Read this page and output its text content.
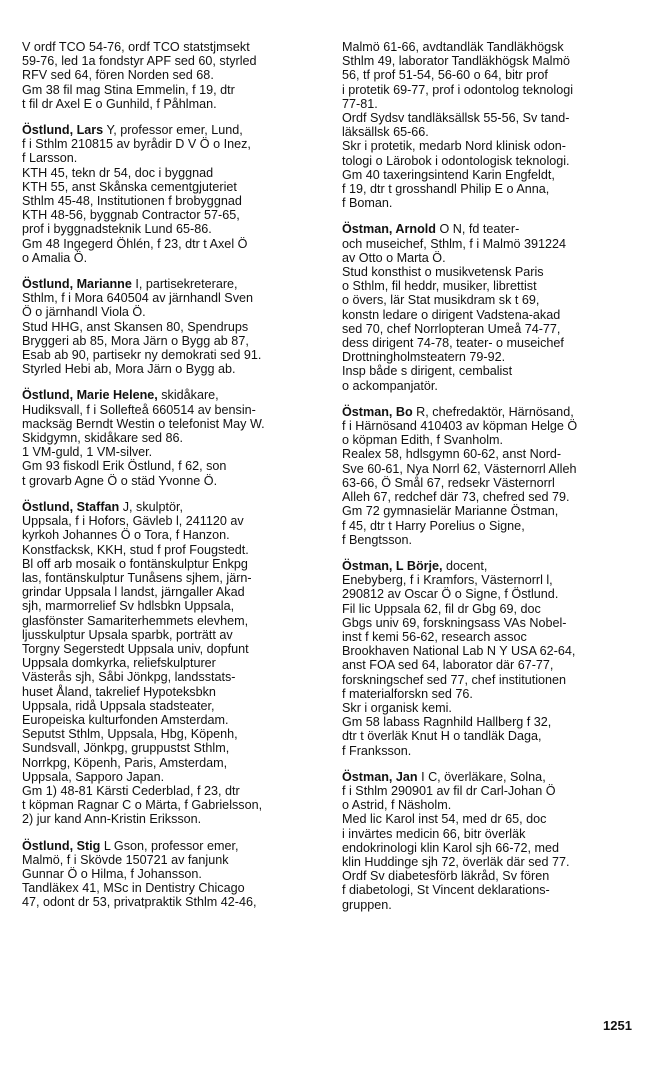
V ordf TCO 54-76, ordf TCO statstjmsekt

59-76, led 1a fondstyr APF sed 60, styrled

RFV sed 64, fören Norden sed 68.

Gm 38 fil mag Stina Emmelin, f 19, dtr

t fil dr Axel E o Gunhild, f Påhlman.

Östlund, Lars Y, professor emer, Lund,

f i Sthlm 210815 av byrådir D V Ö o Inez,

f Larsson.

KTH 45, tekn dr 54, doc i byggnad

KTH 55, anst Skånska cementgjuteriet

Sthlm 45-48, Institutionen f brobyggnad

KTH 48-56, byggnab Contractor 57-65,

prof i byggnadsteknik Lund 65-86.

Gm 48 Ingegerd Öhlén, f 23, dtr t Axel Ö

o Amalia Ö.

Östlund, Marianne I, partisekreterare,

Sthlm, f i Mora 640504 av järnhandl Sven

Ö o järnhandl Viola Ö.

Stud HHG, anst Skansen 80, Spendrups

Bryggeri ab 85, Mora Järn o Bygg ab 87,

Esab ab 90, partisekr ny demokrati sed 91.

Styrled Hebi ab, Mora Järn o Bygg ab.

Östlund, Marie Helene, skidåkare,

Hudiksvall, f i Sollefteå 660514 av bensin-

macksäg Berndt Westin o telefonist May W.

Skidgymn, skidåkare sed 86.

1 VM-guld, 1 VM-silver.

Gm 93 fiskodl Erik Östlund, f 62, son

t grovarb Agne Ö o städ Yvonne Ö.

Östlund, Staffan J, skulptör,

Uppsala, f i Hofors, Gävleb l, 241120 av

kyrkoh Johannes Ö o Tora, f Hanzon.

Konstfacksk, KKH, stud f prof Fougstedt.

Bl off arb mosaik o fontänskulptur Enkpg

las, fontänskulptur Tunåsens sjhem, järn-

grindar Uppsala l landst, järngaller Akad

sjh, marmorrelief Sv hdlsbkn Uppsala,

glasfönster Samariterhemmets elevhem,

ljusskulptur Upsala sparbk, porträtt av

Torgny Segerstedt Uppsala univ, dopfunt

Uppsala domkyrka, reliefskulpturer

Västerås sjh, Såbi Jönkpg, landsstats-

huset Åland, takrelief Hypoteksbkn

Uppsala, ridå Uppsala stadsteater,

Europeiska kulturfonden Amsterdam.

Seputst Sthlm, Uppsala, Hbg, Köpenh,

Sundsvall, Jönkpg, gruppustst Sthlm,

Norrkpg, Köpenh, Paris, Amsterdam,

Uppsala, Sapporo Japan.

Gm 1) 48-81 Kärsti Cederblad, f 23, dtr

t köpman Ragnar C o Märta, f Gabrielsson,

2) jur kand Ann-Kristin Eriksson.

Östlund, Stig L Gson, professor emer,

Malmö, f i Skövde 150721 av fanjunk

Gunnar Ö o Hilma, f Johansson.

Tandläkex 41, MSc in Dentistry Chicago

47, odont dr 53, privatpraktik Sthlm 42-46,

Malmö 61-66, avdtandläk Tandläkhögsk

Sthlm 49, laborator Tandläkhögsk Malmö

56, tf prof 51-54, 56-60 o 64, bitr prof

i protetik 69-77, prof i odontolog teknologi

77-81.

Ordf Sydsv tandläksällsk 55-56, Sv tand-

läksällsk 65-66.

Skr i protetik, medarb Nord klinisk odon-

tologi o Lärobok i odontologisk teknologi.

Gm 40 taxeringsintend Karin Engfeldt,

f 19, dtr t grosshandl Philip E o Anna,

f Boman.

Östman, Arnold O N, fd teater-

och museichef, Sthlm, f i Malmö 391224

av Otto o Marta Ö.

Stud konsthist o musikvetensk Paris

o Sthlm, fil heddr, musiker, librettist

o övers, lär Stat musikdram sk t 69,

konstn ledare o dirigent Vadstena-akad

sed 70, chef Norrlopteran Umeå 74-77,

dess dirigent 74-78, teater- o museichef

Drottningholmsteatern 79-92.

Insp både s dirigent, cembalist

o ackompanjatör.

Östman, Bo R, chefredaktör, Härnösand,

f i Härnösand 410403 av köpman Helge Ö

o köpman Edith, f Svanholm.

Realex 58, hdlsgymn 60-62, anst Nord-

Sve 60-61, Nya Norrl 62, Västernorrl Alleh

63-66, Ö Smål 67, redsekr Västernorrl

Alleh 67, redchef där 73, chefred sed 79.

Gm 72 gymnasielär Marianne Östman,

f 45, dtr t Harry Porelius o Signe,

f Bengtsson.

Östman, L Börje, docent,

Enebyberg, f i Kramfors, Västernorrl l,

290812 av Oscar Ö o Signe, f Östlund.

Fil lic Uppsala 62, fil dr Gbg 69, doc

Gbgs univ 69, forskningsass VAs Nobel-

inst f kemi 56-62, research assoc

Brookhaven National Lab N Y USA 62-64,

anst FOA sed 64, laborator där 67-77,

forskningschef sed 77, chef institutionen

f materialforskn sed 76.

Skr i organisk kemi.

Gm 58 labass Ragnhild Hallberg f 32,

dtr t överläk Knut H o tandläk Daga,

f Franksson.

Östman, Jan I C, överläkare, Solna,

f i Sthlm 290901 av fil dr Carl-Johan Ö

o Astrid, f Näsholm.

Med lic Karol inst 54, med dr 65, doc

i invärtes medicin 66, bitr överläk

endokrinologi klin Karol sjh 66-72, med

klin Huddinge sjh 72, överläk där sed 77.

Ordf Sv diabetesförb läkråd, Sv fören

f diabetologi, St Vincent deklarations-

gruppen.

1251
